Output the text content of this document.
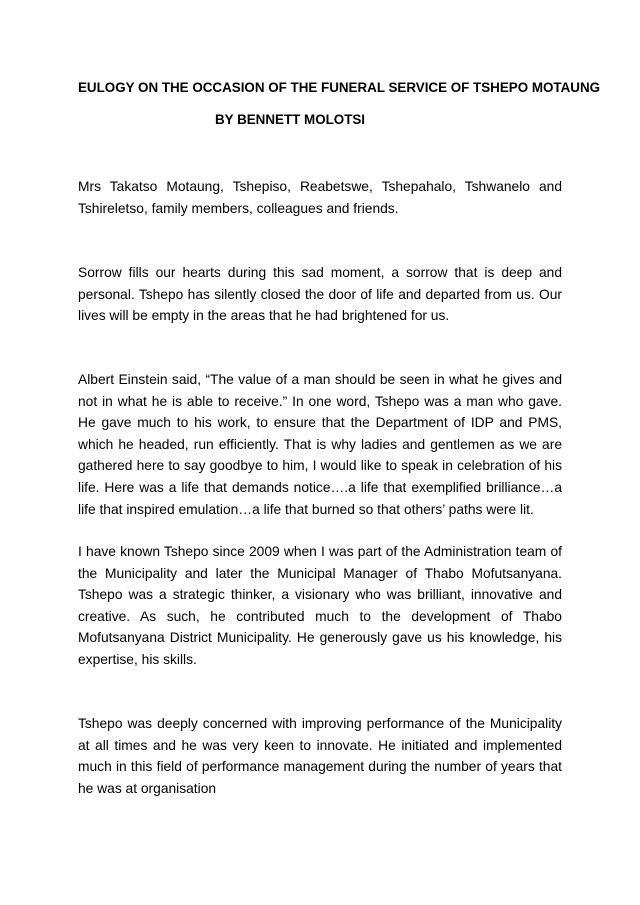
EULOGY ON THE OCCASION OF THE FUNERAL SERVICE OF TSHEPO MOTAUNG
BY BENNETT MOLOTSI

Mrs Takatso Motaung, Tshepiso, Reabetswe, Tshepahalo, Tshwanelo and Tshireletso, family members, colleagues and friends.

Sorrow fills our hearts during this sad moment, a sorrow that is deep and personal. Tshepo has silently closed the door of life and departed from us. Our lives will be empty in the areas that he had brightened for us.

Albert Einstein said, “The value of a man should be seen in what he gives and not in what he is able to receive.” In one word, Tshepo was a man who gave. He gave much to his work, to ensure that the Department of IDP and PMS, which he headed, run efficiently. That is why ladies and gentlemen as we are gathered here to say goodbye to him, I would like to speak in celebration of his life. Here was a life that demands notice….a life that exemplified brilliance…a life that inspired emulation…a life that burned so that others’ paths were lit.

I have known Tshepo since 2009 when I was part of the Administration team of the Municipality and later the Municipal Manager of Thabo Mofutsanyana. Tshepo was a strategic thinker, a visionary who was brilliant, innovative and creative. As such, he contributed much to the development of Thabo Mofutsanyana District Municipality. He generously gave us his knowledge, his expertise, his skills.

Tshepo was deeply concerned with improving performance of the Municipality at all times and he was very keen to innovate. He initiated and implemented much in this field of performance management during the number of years that he was at organisation
